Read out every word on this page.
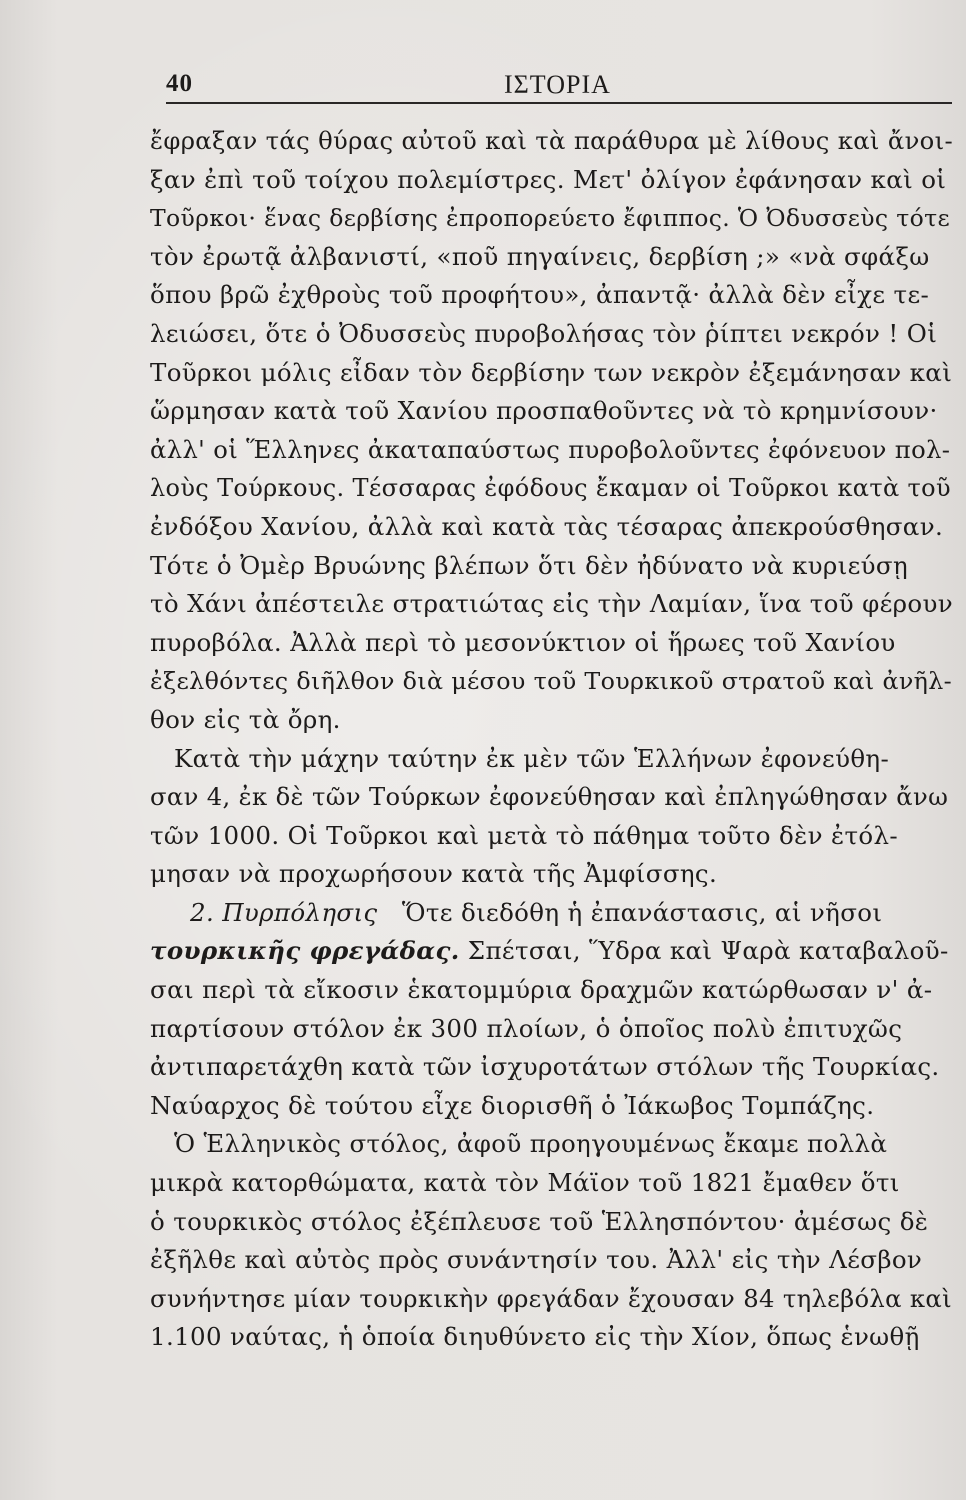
40	ΙΣΤΟΡΙΑ
ἔφραξαν τάς θύρας αὐτοῦ καὶ τὰ παράθυρα μὲ λίθους καὶ ἄνοι-
ξαν ἐπὶ τοῦ τοίχου πολεμίστρες. Μετ' ὀλίγον ἐφάνησαν καὶ οἱ
Τοῦρκοι· ἕνας δερβίσης ἐπροπορεύετο ἔφιππος. Ὁ Ὀδυσσεὺς τότε
τὸν ἐρωτᾷ ἀλβανιστί, «ποῦ πηγαίνεις, δερβίση ;» «νὰ σφάξω
ὅπου βρῶ ἐχθροὺς τοῦ προφήτου», ἀπαντᾷ· ἀλλὰ δὲν εἶχε τε-
λειώσει, ὅτε ὁ Ὀδυσσεὺς πυροβολήσας τὸν ῥίπτει νεκρόν ! Οἱ
Τοῦρκοι μόλις εἶδαν τὸν δερβίσην των νεκρὸν ἐξεμάνησαν καὶ
ὥρμησαν κατὰ τοῦ Χανίου προσπαθοῦντες νὰ τὸ κρημνίσουν·
ἀλλ' οἱ Ἕλληνες ἀκαταπαύστως πυροβολοῦντες ἐφόνευον πολ-
λοὺς Τούρκους. Τέσσαρας ἐφόδους ἔκαμαν οἱ Τοῦρκοι κατὰ τοῦ
ἐνδόξου Χανίου, ἀλλὰ καὶ κατὰ τὰς τέσαρας ἀπεκρούσθησαν.
Τότε ὁ Ὀμὲρ Βρυώνης βλέπων ὅτι δὲν ἠδύνατο νὰ κυριεύσῃ
τὸ Χάνι ἀπέστειλε στρατιώτας εἰς τὴν Λαμίαν, ἵνα τοῦ φέρουν
πυροβόλα. Ἀλλὰ περὶ τὸ μεσονύκτιον οἱ ἥρωες τοῦ Χανίου
ἐξελθόντες διῆλθον διὰ μέσου τοῦ Τουρκικοῦ στρατοῦ καὶ ἀνῆλ-
θον εἰς τὰ ὄρη.
Κατὰ τὴν μάχην ταύτην ἐκ μὲν τῶν Ἑλλήνων ἐφονεύθη-
σαν 4, ἐκ δὲ τῶν Τούρκων ἐφονεύθησαν καὶ ἐπληγώθησαν ἄνω
τῶν 1000. Οἱ Τοῦρκοι καὶ μετὰ τὸ πάθημα τοῦτο δὲν ἐτόλ-
μησαν νὰ προχωρήσουν κατὰ τῆς Ἀμφίσσης.
2. Πυρπόλησις Ὅτε διεδόθη ἡ ἐπανάστασις, αἱ νῆσοι
τουρκικῆς φρεγάδας. Σπέτσαι, Ὕδρα καὶ Ψαρὰ καταβαλοῦ-
σαι περὶ τὰ εἴκοσιν ἑκατομμύρια δραχμῶν κατώρθωσαν ν' ἀ-
παρτίσουν στόλον ἐκ 300 πλοίων, ὁ ὁποῖος πολὺ ἐπιτυχῶς
ἀντιπαρετάχθη κατὰ τῶν ἰσχυροτάτων στόλων τῆς Τουρκίας.
Ναύαρχος δὲ τούτου εἶχε διορισθῆ ὁ Ἰάκωβος Τομπάζης.
Ὁ Ἑλληνικὸς στόλος, ἀφοῦ προηγουμένως ἔκαμε πολλὰ
μικρὰ κατορθώματα, κατὰ τὸν Μάϊον τοῦ 1821 ἔμαθεν ὅτι
ὁ τουρκικὸς στόλος ἐξέπλευσε τοῦ Ἑλλησπόντου· ἀμέσως δὲ
ἐξῆλθε καὶ αὐτὸς πρὸς συνάντησίν του. Ἀλλ' εἰς τὴν Λέσβον
συνήντησε μίαν τουρκικὴν φρεγάδαν ἔχουσαν 84 τηλεβόλα καὶ
1.100 ναύτας, ἡ ὁποία διηυθύνετο εἰς τὴν Χίον, ὅπως ἑνωθῇ
